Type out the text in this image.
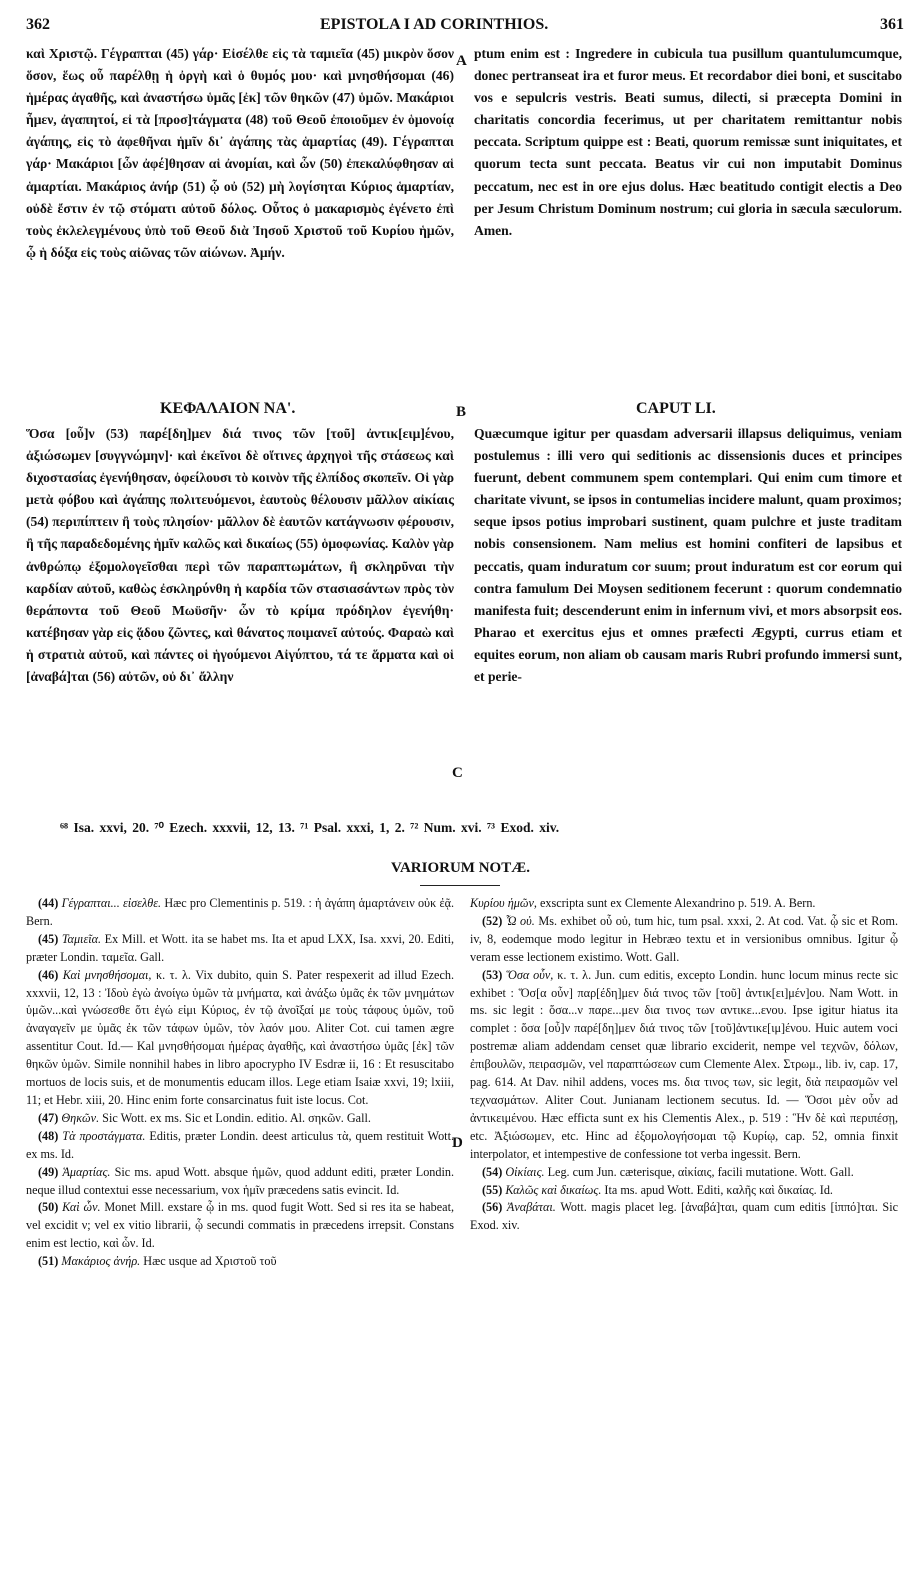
362	EPISTOLA I AD CORINTHIOS.	361

καὶ Χριστῷ. Γέγραπται (45) γάρ· Εἰσέλθε εἰς τὰ ταμιεῖα (45) μικρὸν ὅσον ὅσον, ἕως οὗ παρέλθῃ ἡ ὀργὴ καὶ ὁ θυμός μου· καὶ μνησθήσομαι (46) ἡμέρας ἀγαθῆς, καὶ ἀναστήσω ὑμᾶς [ἐκ] τῶν θηκῶν (47) ὑμῶν. Μακάριοι ἦμεν, ἀγαπητοί, εἰ τὰ [προσ]τάγματα (48) τοῦ Θεοῦ ἐποιοῦμεν ἐν ὁμονοίᾳ ἀγάπης, εἰς τὸ ἀφεθῆναι ἡμῖν δι᾽ ἀγάπης τὰς ἁμαρτίας (49). Γέγραπται γάρ· Μακάριοι [ὧν ἀφέ]θησαν αἱ ἀνομίαι, καὶ ὧν (50) ἐπεκαλύφθησαν αἱ ἁμαρτίαι. Μακάριος ἀνήρ (51) ᾧ οὐ (52) μὴ λογίσηται Κύριος ἁμαρτίαν, οὐδὲ ἔστιν ἐν τῷ στόματι αὐτοῦ δόλος. Οὗτος ὁ μακαρισμὸς ἐγένετο ἐπὶ τοὺς ἐκλελεγμένους ὑπὸ τοῦ Θεοῦ διὰ Ἰησοῦ Χριστοῦ τοῦ Κυρίου ἡμῶν, ᾧ ἡ δόξα εἰς τοὺς αἰῶνας τῶν αἰώνων. Ἀμήν.

ptum enim est : Ingredere in cubicula tua pusillum quantulumcumque, donec pertranseat ira et furor meus. Et recordabor diei boni, et suscitabo vos e sepulcris vestris. Beati sumus, dilecti, si præcepta Domini in charitatis concordia fecerimus, ut per charitatem remittantur nobis peccata. Scriptum quippe est : Beati, quorum remissæ sunt iniquitates, et quorum tecta sunt peccata. Beatus vir cui non imputabit Dominus peccatum, nec est in ore ejus dolus. Hæc beatitudo contigit electis a Deo per Jesum Christum Dominum nostrum; cui gloria in sæcula sæculorum. Amen.

A
B
C
D
ΚΕΦΑΛΑΙΟΝ ΝΑ'.	CAPUT LI.

Ὅσα [οὖ]ν (53) παρέ[δη]μεν διά τινος τῶν [τοῦ] ἀντικ[ειμ]ένου, ἀξιώσωμεν [συγγνώμην]· καὶ ἐκεῖνοι δὲ οἵτινες ἀρχηγοὶ τῆς στάσεως καὶ διχοστασίας ἐγενήθησαν, ὀφείλουσι τὸ κοινὸν τῆς ἐλπίδος σκοπεῖν. Οἱ γὰρ μετὰ φόβου καὶ ἀγάπης πολιτευόμενοι, ἑαυτοὺς θέλουσιν μᾶλλον αἰκίαις (54) περιπίπτειν ἢ τοὺς πλησίον· μᾶλλον δὲ ἑαυτῶν κατάγνωσιν φέρουσιν, ἢ τῆς παραδεδομένης ἡμῖν καλῶς καὶ δικαίως (55) ὁμοφωνίας. Καλὸν γὰρ ἀνθρώπῳ ἐξομολογεῖσθαι περὶ τῶν παραπτωμάτων, ἢ σκληρῦναι τὴν καρδίαν αὐτοῦ, καθὼς ἐσκληρύνθη ἡ καρδία τῶν στασιασάντων πρὸς τὸν θεράποντα τοῦ Θεοῦ Μωϋσῆν· ὧν τὸ κρίμα πρόδηλον ἐγενήθη· κατέβησαν γὰρ εἰς ᾅδου ζῶντες, καὶ θάνατος ποιμανεῖ αὐτούς. Φαραὼ καὶ ἡ στρατιὰ αὐτοῦ, καὶ πάντες οἱ ἡγούμενοι Αἰγύπτου, τά τε ἅρματα καὶ οἱ [ἀναβά]ται (56) αὐτῶν, οὐ δι᾽ ἄλλην

Quæcumque igitur per quasdam adversarii illapsus deliquimus, veniam postulemus : illi vero qui seditionis ac dissensionis duces et principes fuerunt, debent communem spem contemplari. Qui enim cum timore et charitate vivunt, se ipsos in contumelias incidere malunt, quam proximos; seque ipsos potius improbari sustinent, quam pulchre et juste traditam nobis consensionem. Nam melius est homini confiteri de lapsibus et peccatis, quam induratum cor suum; prout induratum est cor eorum qui contra famulum Dei Moysen seditionem fecerunt : quorum condemnatio manifesta fuit; descenderunt enim in infernum vivi, et mors absorpsit eos. Pharao et exercitus ejus et omnes præfecti Ægypti, currus etiam et equites eorum, non aliam ob causam maris Rubri profundo immersi sunt, et perie-

⁶⁸ Isa. xxvi, 20. ⁷⁰ Ezech. xxxvii, 12, 13. ⁷¹ Psal. xxxi, 1, 2. ⁷² Num. xvi. ⁷³ Exod. xiv.
VARIORUM NOTÆ.

(44) Γέγραπται... εἰσελθε. Hæc pro Clementinis p. 519. : ἡ ἀγάπη ἁμαρτάνειν οὐκ ἐᾷ. Bern.

(45) Ταμιεῖα. Ex Mill. et Wott. ita se habet ms. Ita et apud LXX, Isa. xxvi, 20. Editi, præter Londin. ταμεῖα. Gall.

(46) Καὶ μνησθήσομαι, κ. τ. λ. Vix dubito, quin S. Pater respexerit ad illud Ezech. xxxvii, 12, 13 : Ἰδοὺ ἐγὼ ἀνοίγω ὑμῶν τὰ μνήματα, καὶ ἀνάξω ὑμᾶς ἐκ τῶν μνημάτων ὑμῶν...καὶ γνώσεσθε ὅτι ἐγώ εἰμι Κύριος, ἐν τῷ ἀνοῖξαί με τοὺς τάφους ὑμῶν, τοῦ ἀναγαγεῖν με ὑμᾶς ἐκ τῶν τάφων ὑμῶν, τὸν λαόν μου. Aliter Cot. cui tamen ægre assentitur Cout. Id.— Kal μνησθήσομαι ἡμέρας ἀγαθῆς, καὶ ἀναστήσω ὑμᾶς [ἐκ] τῶν θηκῶν ὑμῶν. Simile nonnihil habes in libro apocrypho IV Esdræ ii, 16 : Et resuscitabo mortuos de locis suis, et de monumentis educam illos. Lege etiam Isaiæ xxvi, 19; lxiii, 11; et Hebr. xiii, 20. Hinc enim forte consarcinatus fuit iste locus. Cot.

(47) Θηκῶν. Sic Wott. ex ms. Sic et Londin. editio. Al. σηκῶν. Gall.

(48) Τὰ προστάγματα. Editis, præter Londin. deest articulus τὰ, quem restituit Wott. ex ms. Id.

(49) Ἁμαρτίας. Sic ms. apud Wott. absque ἡμῶν, quod addunt editi, præter Londin. neque illud contextui esse necessarium, vox ἡμῖν præcedens satis evincit. Id.

(50) Καὶ ὧν. Monet Mill. exstare ᾧ in ms. quod fugit Wott. Sed si res ita se habeat, vel excidit ν; vel ex vitio librarii, ᾧ secundi commatis in præcedens irrepsit. Constans enim est lectio, καὶ ὧν. Id.

(51) Μακάριος ἀνήρ. Hæc usque ad Χριστοῦ τοῦ

Κυρίου ἡμῶν, exscripta sunt ex Clemente Alexandrino p. 519. A. Bern.

(52) Ὧ οὐ. Ms. exhibet οὗ οὐ, tum hic, tum psal. xxxi, 2. At cod. Vat. ᾧ sic et Rom. iv, 8, eodemque modo legitur in Hebræo textu et in versionibus omnibus. Igitur ᾧ veram esse lectionem existimo. Wott. Gall.

(53) Ὅσα οὖν, κ. τ. λ. Jun. cum editis, excepto Londin. hunc locum minus recte sic exhibet : Ὅσ[α οὖν] παρ[έδη]μεν διά τινος τῶν [τοῦ] ἀντικ[ει]μέν]ου. Nam Wott. in ms. sic legit : ὅσα...ν παρε...μεν δια τινος των αντικε...ενου. Ipse igitur hiatus ita complet : ὅσα [οὖ]ν παρέ[δη]μεν διά τινος τῶν [τοῦ]ἀντικε[ιμ]ένου. Huic autem voci postremæ aliam addendam censet quæ librario exciderit, nempe vel τεχνῶν, δόλων, ἐπιβουλῶν, πειρασμῶν, vel παραπτώσεων cum Clemente Alex. Στρωμ., lib. iv, cap. 17, pag. 614. At Dav. nihil addens, voces ms. δια τινος των, sic legit, διὰ πειρασμῶν vel τεχνασμάτων. Aliter Cout. Junianam lectionem secutus. Id. — Ὅσοι μὲν οὖν ad ἀντικειμένου. Hæc efficta sunt ex his Clementis Alex., p. 519 : Ἣν δὲ καὶ περιπέσῃ, etc. Ἀξιώσωμεν, etc. Hinc ad ἐξομολογήσομαι τῷ Κυρίῳ, cap. 52, omnia finxit interpolator, et intempestive de confessione tot verba ingessit. Bern.

(54) Οἰκίαις. Leg. cum Jun. cæterisque, αἰκίαις, facili mutatione. Wott. Gall.

(55) Καλῶς καὶ δικαίως. Ita ms. apud Wott. Editi, καλῆς καὶ δικαίας. Id.

(56) Ἀναβάται. Wott. magis placet leg. [ἀναβά]ται, quam cum editis [ἱππό]ται. Sic Exod. xiv.
